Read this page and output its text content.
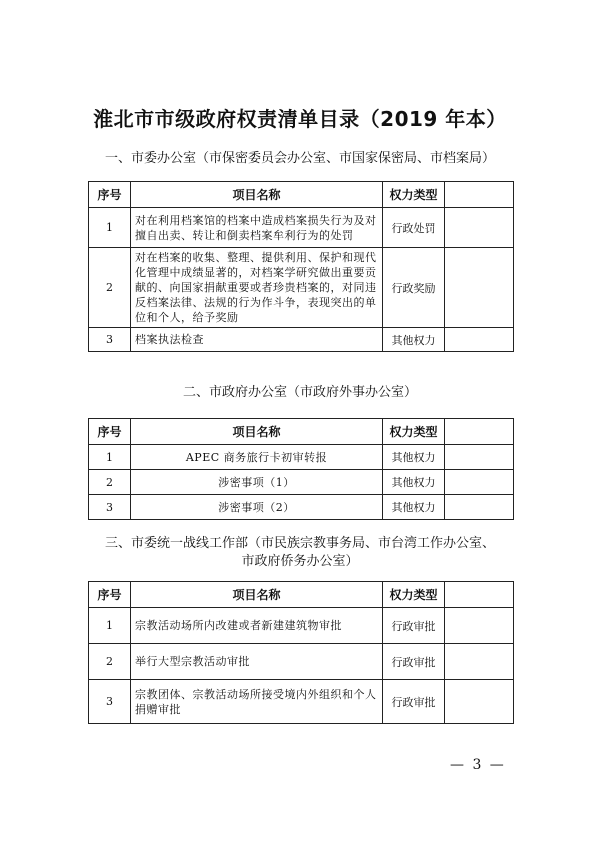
淮北市市级政府权责清单目录（2019 年本）
一、市委办公室（市保密委员会办公室、市国家保密局、市档案局）
序号	项目名称	权力类型	
1	对在利用档案馆的档案中造成档案损失行为及对擅自出卖、转让和倒卖档案牟利行为的处罚	行政处罚	
2	对在档案的收集、整理、提供利用、保护和现代化管理中成绩显著的，对档案学研究做出重要贡献的、向国家捐献重要或者珍贵档案的，对同违反档案法律、法规的行为作斗争，表现突出的单位和个人，给予奖励	行政奖励	
3	档案执法检查	其他权力	
二、市政府办公室（市政府外事办公室）
序号	项目名称	权力类型	
1	APEC 商务旅行卡初审转报	其他权力	
2	涉密事项（1）	其他权力	
3	涉密事项（2）	其他权力	
三、市委统一战线工作部（市民族宗教事务局、市台湾工作办公室、
市政府侨务办公室）
序号	项目名称	权力类型	
1	宗教活动场所内改建或者新建建筑物审批	行政审批	
2	举行大型宗教活动审批	行政审批	
3	宗教团体、宗教活动场所接受境内外组织和个人捐赠审批	行政审批	
— 3 —
